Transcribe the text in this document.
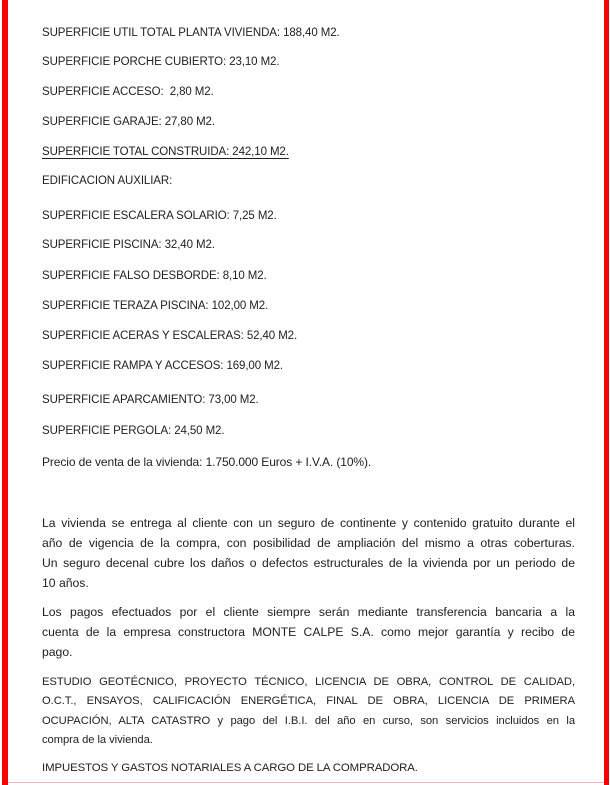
SUPERFICIE UTIL TOTAL PLANTA VIVIENDA: 188,40 M2.
SUPERFICIE PORCHE CUBIERTO: 23,10 M2.
SUPERFICIE ACCESO:  2,80 M2.
SUPERFICIE GARAJE: 27,80 M2.
SUPERFICIE TOTAL CONSTRUIDA: 242,10 M2.
EDIFICACION AUXILIAR:
SUPERFICIE ESCALERA SOLARIO: 7,25 M2.
SUPERFICIE PISCINA: 32,40 M2.
SUPERFICIE FALSO DESBORDE: 8,10 M2.
SUPERFICIE TERAZA PISCINA: 102,00 M2.
SUPERFICIE ACERAS Y ESCALERAS: 52,40 M2.
SUPERFICIE RAMPA Y ACCESOS: 169,00 M2.
SUPERFICIE APARCAMIENTO: 73,00 M2.
SUPERFICIE PERGOLA: 24,50 M2.
Precio de venta de la vivienda: 1.750.000 Euros + I.V.A. (10%).
La vivienda se entrega al cliente con un seguro de continente y contenido gratuito durante el
año de vigencia de la compra, con posibilidad de ampliación del mismo a otras coberturas.
Un seguro decenal cubre los daños o defectos estructurales de la vivienda por un periodo de
10 años.
Los pagos efectuados por el cliente siempre serán mediante transferencia bancaria a la
cuenta de la empresa constructora MONTE CALPE S.A. como mejor garantía y recibo de
pago.
ESTUDIO GEOTÉCNICO, PROYECTO TÉCNICO, LICENCIA DE OBRA, CONTROL DE CALIDAD,
O.C.T., ENSAYOS, CALIFICACIÓN ENERGÉTICA, FINAL DE OBRA, LICENCIA DE PRIMERA
OCUPACIÓN, ALTA CATASTRO y pago del I.B.I. del año en curso, son servicios incluidos en la
compra de la vivienda.
IMPUESTOS Y GASTOS NOTARIALES A CARGO DE LA COMPRADORA.
